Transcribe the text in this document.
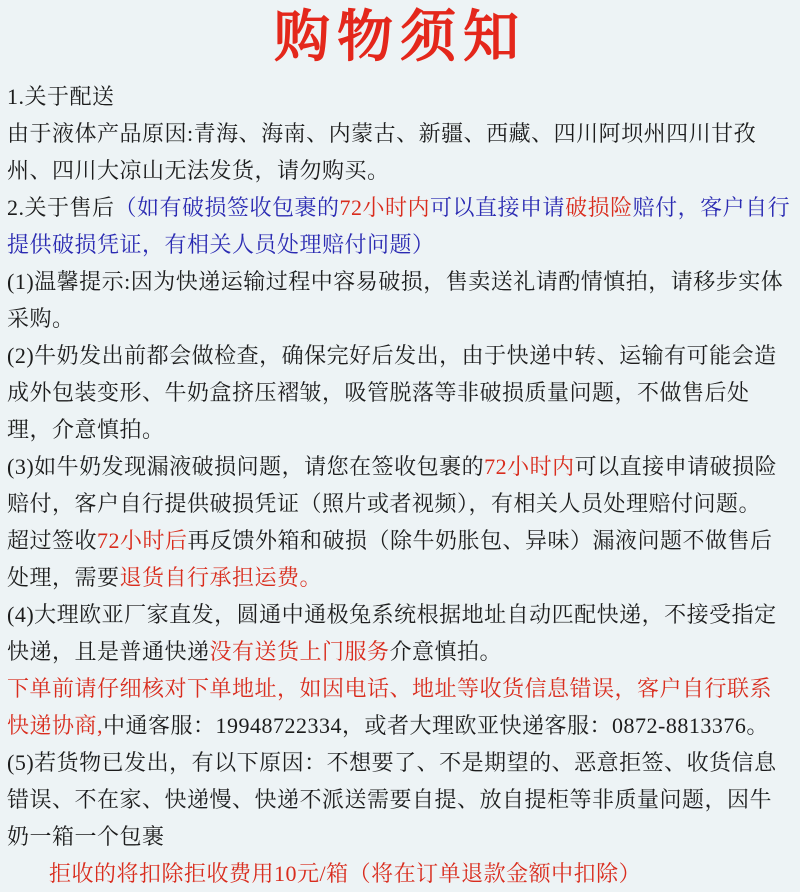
购物须知

1.关于配送

由于液体产品原因:青海、海南、内蒙古、新疆、西藏、四川阿坝州四川甘孜州、四川大凉山无法发货，请勿购买。

2.关于售后（如有破损签收包裹的72小时内可以直接申请破损险赔付，客户自行提供破损凭证，有相关人员处理赔付问题）

(1)温馨提示:因为快递运输过程中容易破损，售卖送礼请酌情慎拍，请移步实体采购。

(2)牛奶发出前都会做检查，确保完好后发出，由于快递中转、运输有可能会造成外包装变形、牛奶盒挤压褶皱，吸管脱落等非破损质量问题，不做售后处理，介意慎拍。

(3)如牛奶发现漏液破损问题，请您在签收包裹的72小时内可以直接申请破损险赔付，客户自行提供破损凭证（照片或者视频），有相关人员处理赔付问题。

超过签收72小时后再反馈外箱和破损（除牛奶胀包、异味）漏液问题不做售后处理，需要退货自行承担运费。

(4)大理欧亚厂家直发，圆通中通极兔系统根据地址自动匹配快递，不接受指定快递，且是普通快递没有送货上门服务介意慎拍。

下单前请仔细核对下单地址，如因电话、地址等收货信息错误，客户自行联系快递协商,中通客服：19948722334，或者大理欧亚快递客服：0872-8813376。

(5)若货物已发出，有以下原因：不想要了、不是期望的、恶意拒签、收货信息错误、不在家、快递慢、快递不派送需要自提、放自提柜等非质量问题，因牛奶一箱一个包裹

拒收的将扣除拒收费用10元/箱（将在订单退款金额中扣除）
